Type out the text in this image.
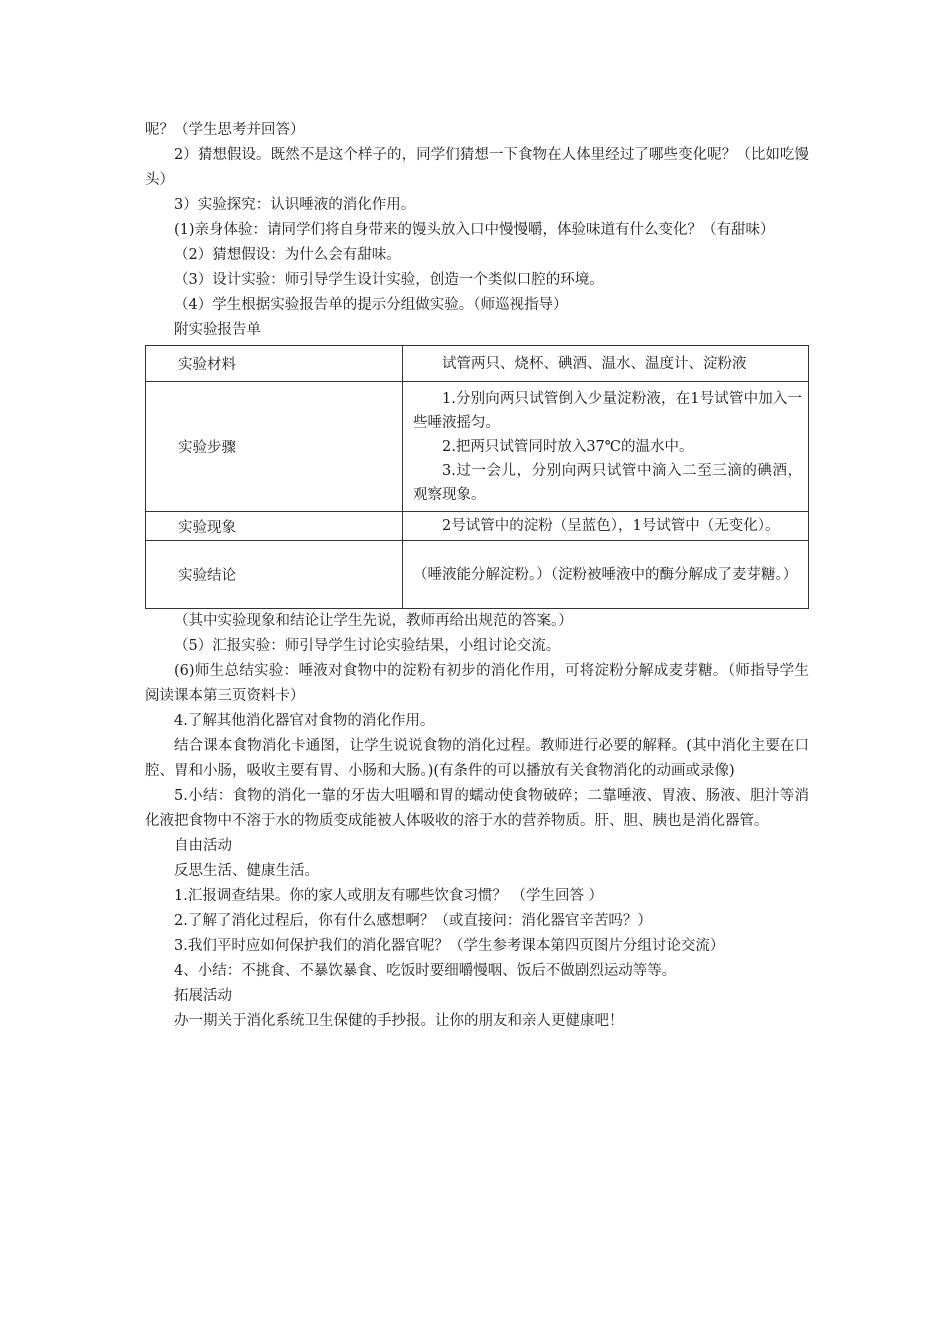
呢？（学生思考并回答）

2）猜想假设。既然不是这个样子的，同学们猜想一下食物在人体里经过了哪些变化呢？（比如吃馒头）

3）实验探究：认识唾液的消化作用。

(1)亲身体验：请同学们将自身带来的馒头放入口中慢慢嚼，体验味道有什么变化？（有甜味）

（2）猜想假设：为什么会有甜味。

（3）设计实验：师引导学生设计实验，创造一个类似口腔的环境。

（4）学生根据实验报告单的提示分组做实验。（师巡视指导）

附实验报告单

实验材料	试管两只、烧杯、碘酒、温水、温度计、淀粉液

实验步骤	1.分别向两只试管倒入少量淀粉液，在1号试管中加入一些唾液摇匀。

2.把两只试管同时放入37℃的温水中。

3.过一会儿，分别向两只试管中滴入二至三滴的碘酒，观察现象。

实验现象	2号试管中的淀粉（呈蓝色），1号试管中（无变化）。

实验结论	（唾液能分解淀粉。）（淀粉被唾液中的酶分解成了麦芽糖。）

（其中实验现象和结论让学生先说，教师再给出规范的答案。）

（5）汇报实验：师引导学生讨论实验结果，小组讨论交流。

(6)师生总结实验：唾液对食物中的淀粉有初步的消化作用，可将淀粉分解成麦芽糖。（师指导学生阅读课本第三页资料卡）

4.了解其他消化器官对食物的消化作用。

结合课本食物消化卡通图，让学生说说食物的消化过程。教师进行必要的解释。(其中消化主要在口腔、胃和小肠，吸收主要有胃、小肠和大肠。)(有条件的可以播放有关食物消化的动画或录像)

5.小结：食物的消化一靠的牙齿大咀嚼和胃的蠕动使食物破碎；二靠唾液、胃液、肠液、胆汁等消化液把食物中不溶于水的物质变成能被人体吸收的溶于水的营养物质。肝、胆、胰也是消化器管。

自由活动

反思生活、健康生活。

1.汇报调查结果。你的家人或朋友有哪些饮食习惯？ （学生回答 ）

2.了解了消化过程后，你有什么感想啊？（或直接问：消化器官辛苦吗？）

3.我们平时应如何保护我们的消化器官呢？（学生参考课本第四页图片分组讨论交流）

4、小结：不挑食、不暴饮暴食、吃饭时要细嚼慢咽、饭后不做剧烈运动等等。

拓展活动

办一期关于消化系统卫生保健的手抄报。让你的朋友和亲人更健康吧！
